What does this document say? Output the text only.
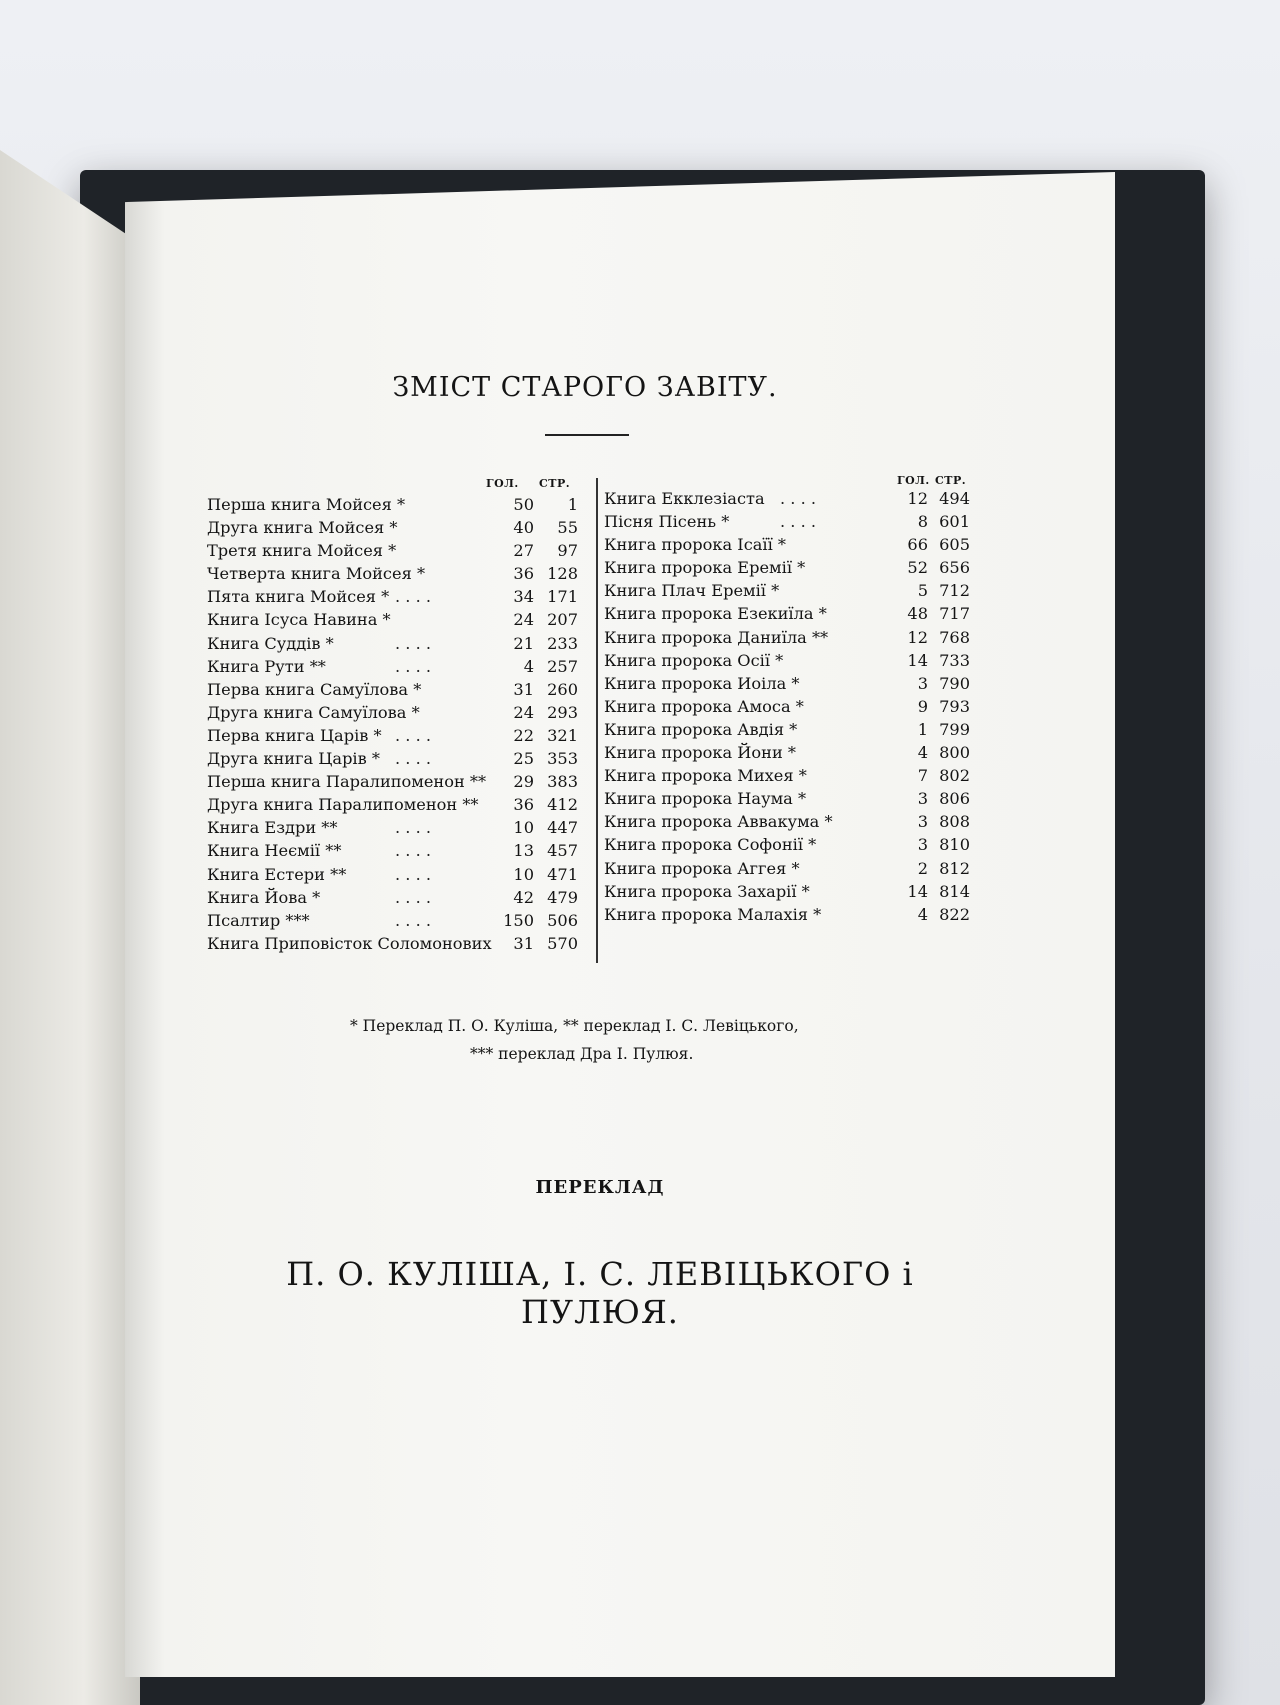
ЗМІСТ СТАРОГО ЗАВІТУ.
ГОЛ. СТР.	ГОЛ. СТР.
Перша книга Мойсея *	50	1
Друга книга Мойсея *	40	55
Третя книга Мойсея *	27	97
Четверта книга Мойсея *	36 128
Пята книга Мойсея * . . . .	34 171
Книга Ісуса Навина *	24 207
Книга Суддів *	. . . .	21 233
Книга Рути **	. . . .	4 257
Перва книга Самуїлова *	31 260
Друга книга Самуїлова *	24 293
Перва книга Царів * . . . .	22 321
Друга книга Царів * . . . .	25 353
Перша книга Паралипоменон **	29 383
Друга книга Паралипоменон **	36 412
Книга Ездри **	. . . .	10 447
Книга Неємії **	. . . .	13 457
Книга Естери **	. . . .	10 471
Книга Йова *	. . . .	42 479
Псалтир ***	. . . .	150 506
Книга Приповісток Соломонових	31 570
Книга Екклезіаста . . . .	12 494
Пісня Пісень *	. . . .	8 601
Книга пророка Ісаїї *	66 605
Книга пророка Еремії *	52 656
Книга Плач Еремії *	5 712
Книга пророка Езекиїла *	48 717
Книга пророка Даниїла **	12 768
Книга пророка Осії *	14 733
Книга пророка Иоіла *	3 790
Книга пророка Амоса *	9 793
Книга пророка Авдія *	1 799
Книга пророка Йони *	4 800
Книга пророка Михея *	7 802
Книга пророка Наума *	3 806
Книга пророка Аввакума *	3 808
Книга пророка Софонії *	3 810
Книга пророка Аггея *	2 812
Книга пророка Захарії *	14 814
Книга пророка Малахія *	4 822
* Переклад П. О. Куліша, ** переклад І. С. Левіцького,
*** переклад Дра І. Пулюя.
ПЕРЕКЛАД
П. О. КУЛІША, І. С. ЛЕВІЦЬКОГО і ПУЛЮЯ.
